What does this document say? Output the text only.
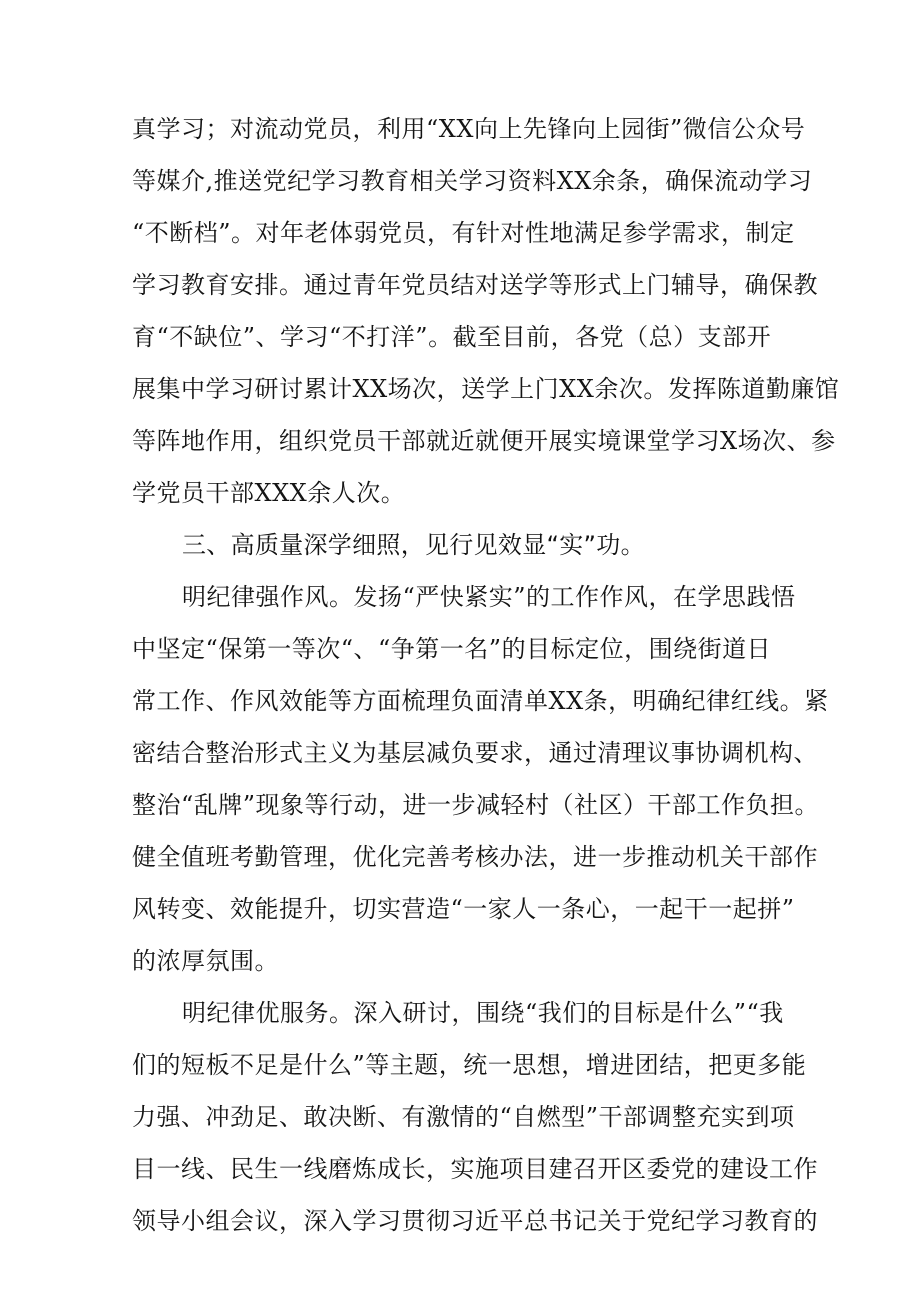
真学习；对流动党员，利用“XX向上先锋向上园街”微信公众号
等媒介,推送党纪学习教育相关学习资料XX余条，确保流动学习
“不断档”。对年老体弱党员，有针对性地满足参学需求，制定
学习教育安排。通过青年党员结对送学等形式上门辅导，确保教
育“不缺位”、学习“不打洋”。截至目前，各党（总）支部开
展集中学习研讨累计XX场次，送学上门XX余次。发挥陈道勤廉馆
等阵地作用，组织党员干部就近就便开展实境课堂学习X场次、参
学党员干部XXX余人次。
三、高质量深学细照，见行见效显“实”功。
明纪律强作风。发扬“严快紧实”的工作作风，在学思践悟
中坚定“保第一等次“、“争第一名”的目标定位，围绕街道日
常工作、作风效能等方面梳理负面清单XX条，明确纪律红线。紧
密结合整治形式主义为基层减负要求，通过清理议事协调机构、
整治“乱牌”现象等行动，进一步减轻村（社区）干部工作负担。
健全值班考勤管理，优化完善考核办法，进一步推动机关干部作
风转变、效能提升，切实营造“一家人一条心，一起干一起拼”
的浓厚氛围。
明纪律优服务。深入研讨，围绕“我们的目标是什么”“我
们的短板不足是什么”等主题，统一思想，增进团结，把更多能
力强、冲劲足、敢决断、有激情的“自燃型”干部调整充实到项
目一线、民生一线磨炼成长，实施项目建召开区委党的建设工作
领导小组会议，深入学习贯彻习近平总书记关于党纪学习教育的
